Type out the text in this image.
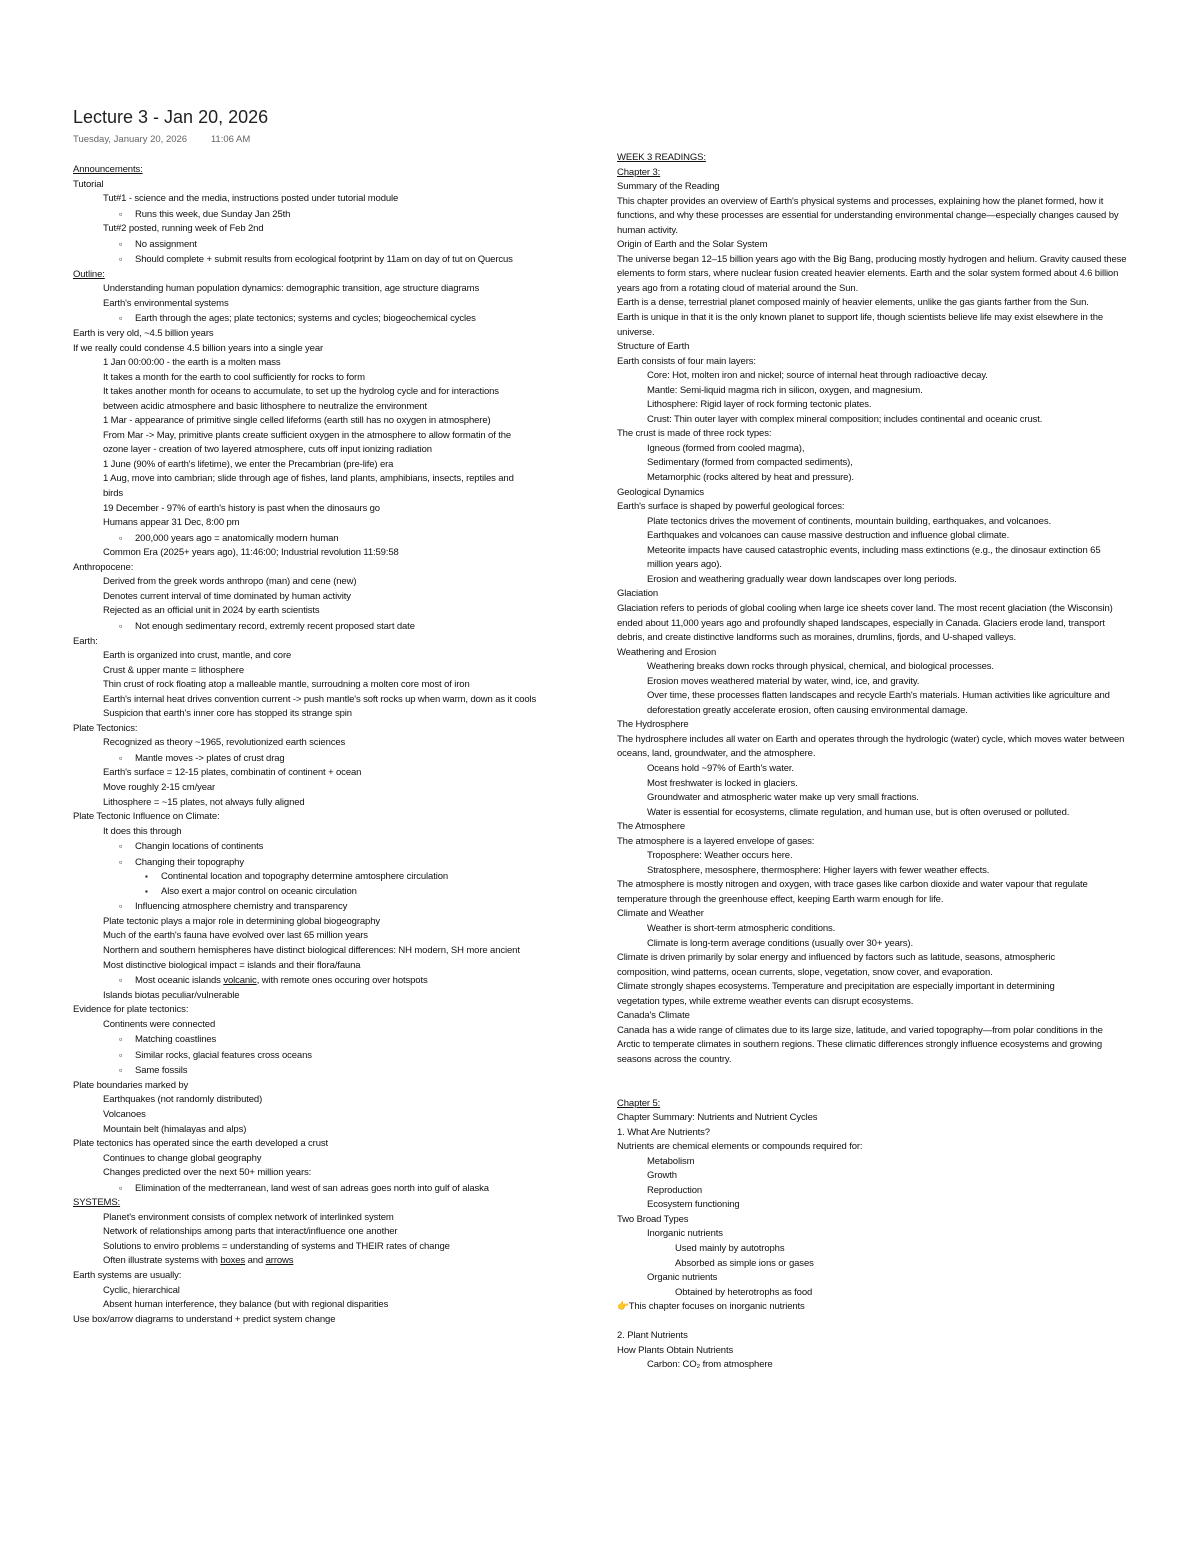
Lecture 3 - Jan 20, 2026
Tuesday, January 20, 2026	11:06 AM
Announcements:
Tutorial
Tut#1 - science and the media, instructions posted under tutorial module
▫ Runs this week, due Sunday Jan 25th
Tut#2 posted, running week of Feb 2nd
▫ No assignment
▫ Should complete + submit results from ecological footprint by 11am on day of tut on Quercus
Outline:
Understanding human population dynamics: demographic transition, age structure diagrams
Earth's environmental systems
▫ Earth through the ages; plate tectonics; systems and cycles; biogeochemical cycles
Earth is very old, ~4.5 billion years
If we really could condense 4.5 billion years into a single year
1 Jan 00:00:00 - the earth is a molten mass
It takes a month for the earth to cool sufficiently for rocks to form
It takes another month for oceans to accumulate, to set up the hydrolog cycle and for interactions between acidic atmosphere and basic lithosphere to neutralize the environment
1 Mar - appearance of primitive single celled lifeforms (earth still has no oxygen in atmosphere)
From Mar -> May, primitive plants create sufficient oxygen in the atmosphere to allow formatin of the ozone layer - creation of two layered atmosphere, cuts off input ionizing radiation
1 June (90% of earth's lifetime), we enter the Precambrian (pre-life) era
1 Aug, move into cambrian; slide through age of fishes, land plants, amphibians, insects, reptiles and birds
19 December - 97% of earth's history is past when the dinosaurs go
Humans appear 31 Dec, 8:00 pm
▫ 200,000 years ago = anatomically modern human
Common Era (2025+ years ago), 11:46:00; Industrial revolution 11:59:58
Anthropocene:
Derived from the greek words anthropo (man) and cene (new)
Denotes current interval of time dominated by human activity
Rejected as an official unit in 2024 by earth scientists
▫ Not enough sedimentary record, extremly recent proposed start date
Earth:
Earth is organized into crust, mantle, and core
Crust & upper mante = lithosphere
Thin crust of rock floating atop a malleable mantle, surroudning a molten core most of iron
Earth's internal heat drives convention current -> push mantle's soft rocks up when warm, down as it cools
Suspicion that earth's inner core has stopped its strange spin
Plate Tectonics:
Recognized as theory ~1965, revolutionized earth sciences
▫ Mantle moves -> plates of crust drag
Earth's surface = 12-15 plates, combinatin of continent + ocean
Move roughly 2-15 cm/year
Lithosphere = ~15 plates, not always fully aligned
Plate Tectonic Influence on Climate:
It does this through
▫ Changin locations of continents
▫ Changing their topography
▪ Continental location and topography determine amtosphere circulation
▪ Also exert a major control on oceanic circulation
▫ Influencing atmosphere chemistry and transparency
Plate tectonic plays a major role in determining global biogeography
Much of the earth's fauna have evolved over last 65 million years
Northern and southern hemispheres have distinct biological differences: NH modern, SH more ancient
Most distinctive biological impact = islands and their flora/fauna
▫ Most oceanic islands volcanic, with remote ones occuring over hotspots
Islands biotas peculiar/vulnerable
Evidence for plate tectonics:
Continents were connected
▫ Matching coastlines
▫ Similar rocks, glacial features cross oceans
▫ Same fossils
Plate boundaries marked by
Earthquakes (not randomly distributed)
Volcanoes
Mountain belt (himalayas and alps)
Plate tectonics has operated since the earth developed a crust
Continues to change global geography
Changes predicted over the next 50+ million years:
▫ Elimination of the medterranean, land west of san adreas goes north into gulf of alaska
SYSTEMS:
Planet's environment consists of complex network of interlinked system
Network of relationships among parts that interact/influence one another
Solutions to enviro problems = understanding of systems and THEIR rates of change
Often illustrate systems with boxes and arrows
Earth systems are usually:
Cyclic, hierarchical
Absent human interference, they balance (but with regional disparities
Use box/arrow diagrams to understand + predict system change
WEEK 3 READINGS:
Chapter 3:
Summary of the Reading
This chapter provides an overview of Earth's physical systems and processes, explaining how the planet formed, how it functions, and why these processes are essential for understanding environmental change—especially changes caused by human activity.
Origin of Earth and the Solar System
The universe began 12–15 billion years ago with the Big Bang, producing mostly hydrogen and helium. Gravity caused these elements to form stars, where nuclear fusion created heavier elements. Earth and the solar system formed about 4.6 billion years ago from a rotating cloud of material around the Sun.
Earth is a dense, terrestrial planet composed mainly of heavier elements, unlike the gas giants farther from the Sun.
Earth is unique in that it is the only known planet to support life, though scientists believe life may exist elsewhere in the universe.
Structure of Earth
Earth consists of four main layers:
Core: Hot, molten iron and nickel; source of internal heat through radioactive decay.
Mantle: Semi-liquid magma rich in silicon, oxygen, and magnesium.
Lithosphere: Rigid layer of rock forming tectonic plates.
Crust: Thin outer layer with complex mineral composition; includes continental and oceanic crust.
The crust is made of three rock types:
Igneous (formed from cooled magma),
Sedimentary (formed from compacted sediments),
Metamorphic (rocks altered by heat and pressure).
Geological Dynamics
Earth's surface is shaped by powerful geological forces:
Plate tectonics drives the movement of continents, mountain building, earthquakes, and volcanoes.
Earthquakes and volcanoes can cause massive destruction and influence global climate.
Meteorite impacts have caused catastrophic events, including mass extinctions (e.g., the dinosaur extinction 65 million years ago).
Erosion and weathering gradually wear down landscapes over long periods.
Glaciation
Glaciation refers to periods of global cooling when large ice sheets cover land. The most recent glaciation (the Wisconsin) ended about 11,000 years ago and profoundly shaped landscapes, especially in Canada. Glaciers erode land, transport debris, and create distinctive landforms such as moraines, drumlins, fjords, and U-shaped valleys.
Weathering and Erosion
Weathering breaks down rocks through physical, chemical, and biological processes.
Erosion moves weathered material by water, wind, ice, and gravity.
Over time, these processes flatten landscapes and recycle Earth's materials. Human activities like agriculture and deforestation greatly accelerate erosion, often causing environmental damage.
The Hydrosphere
The hydrosphere includes all water on Earth and operates through the hydrologic (water) cycle, which moves water between oceans, land, groundwater, and the atmosphere.
Oceans hold ~97% of Earth's water.
Most freshwater is locked in glaciers.
Groundwater and atmospheric water make up very small fractions.
Water is essential for ecosystems, climate regulation, and human use, but is often overused or polluted.
The Atmosphere
The atmosphere is a layered envelope of gases:
Troposphere: Weather occurs here.
Stratosphere, mesosphere, thermosphere: Higher layers with fewer weather effects.
The atmosphere is mostly nitrogen and oxygen, with trace gases like carbon dioxide and water vapour that regulate temperature through the greenhouse effect, keeping Earth warm enough for life.
Climate and Weather
Weather is short-term atmospheric conditions.
Climate is long-term average conditions (usually over 30+ years).
Climate is driven primarily by solar energy and influenced by factors such as latitude, seasons, atmospheric composition, wind patterns, ocean currents, slope, vegetation, snow cover, and evaporation.
Climate strongly shapes ecosystems. Temperature and precipitation are especially important in determining vegetation types, while extreme weather events can disrupt ecosystems.
Canada's Climate
Canada has a wide range of climates due to its large size, latitude, and varied topography—from polar conditions in the Arctic to temperate climates in southern regions. These climatic differences strongly influence ecosystems and growing seasons across the country.
Chapter 5:
Chapter Summary: Nutrients and Nutrient Cycles
1. What Are Nutrients?
Nutrients are chemical elements or compounds required for:
Metabolism
Growth
Reproduction
Ecosystem functioning
Two Broad Types
Inorganic nutrients
Used mainly by autotrophs
Absorbed as simple ions or gases
Organic nutrients
Obtained by heterotrophs as food
👉This chapter focuses on inorganic nutrients
2. Plant Nutrients
How Plants Obtain Nutrients
Carbon: CO₂ from atmosphere
